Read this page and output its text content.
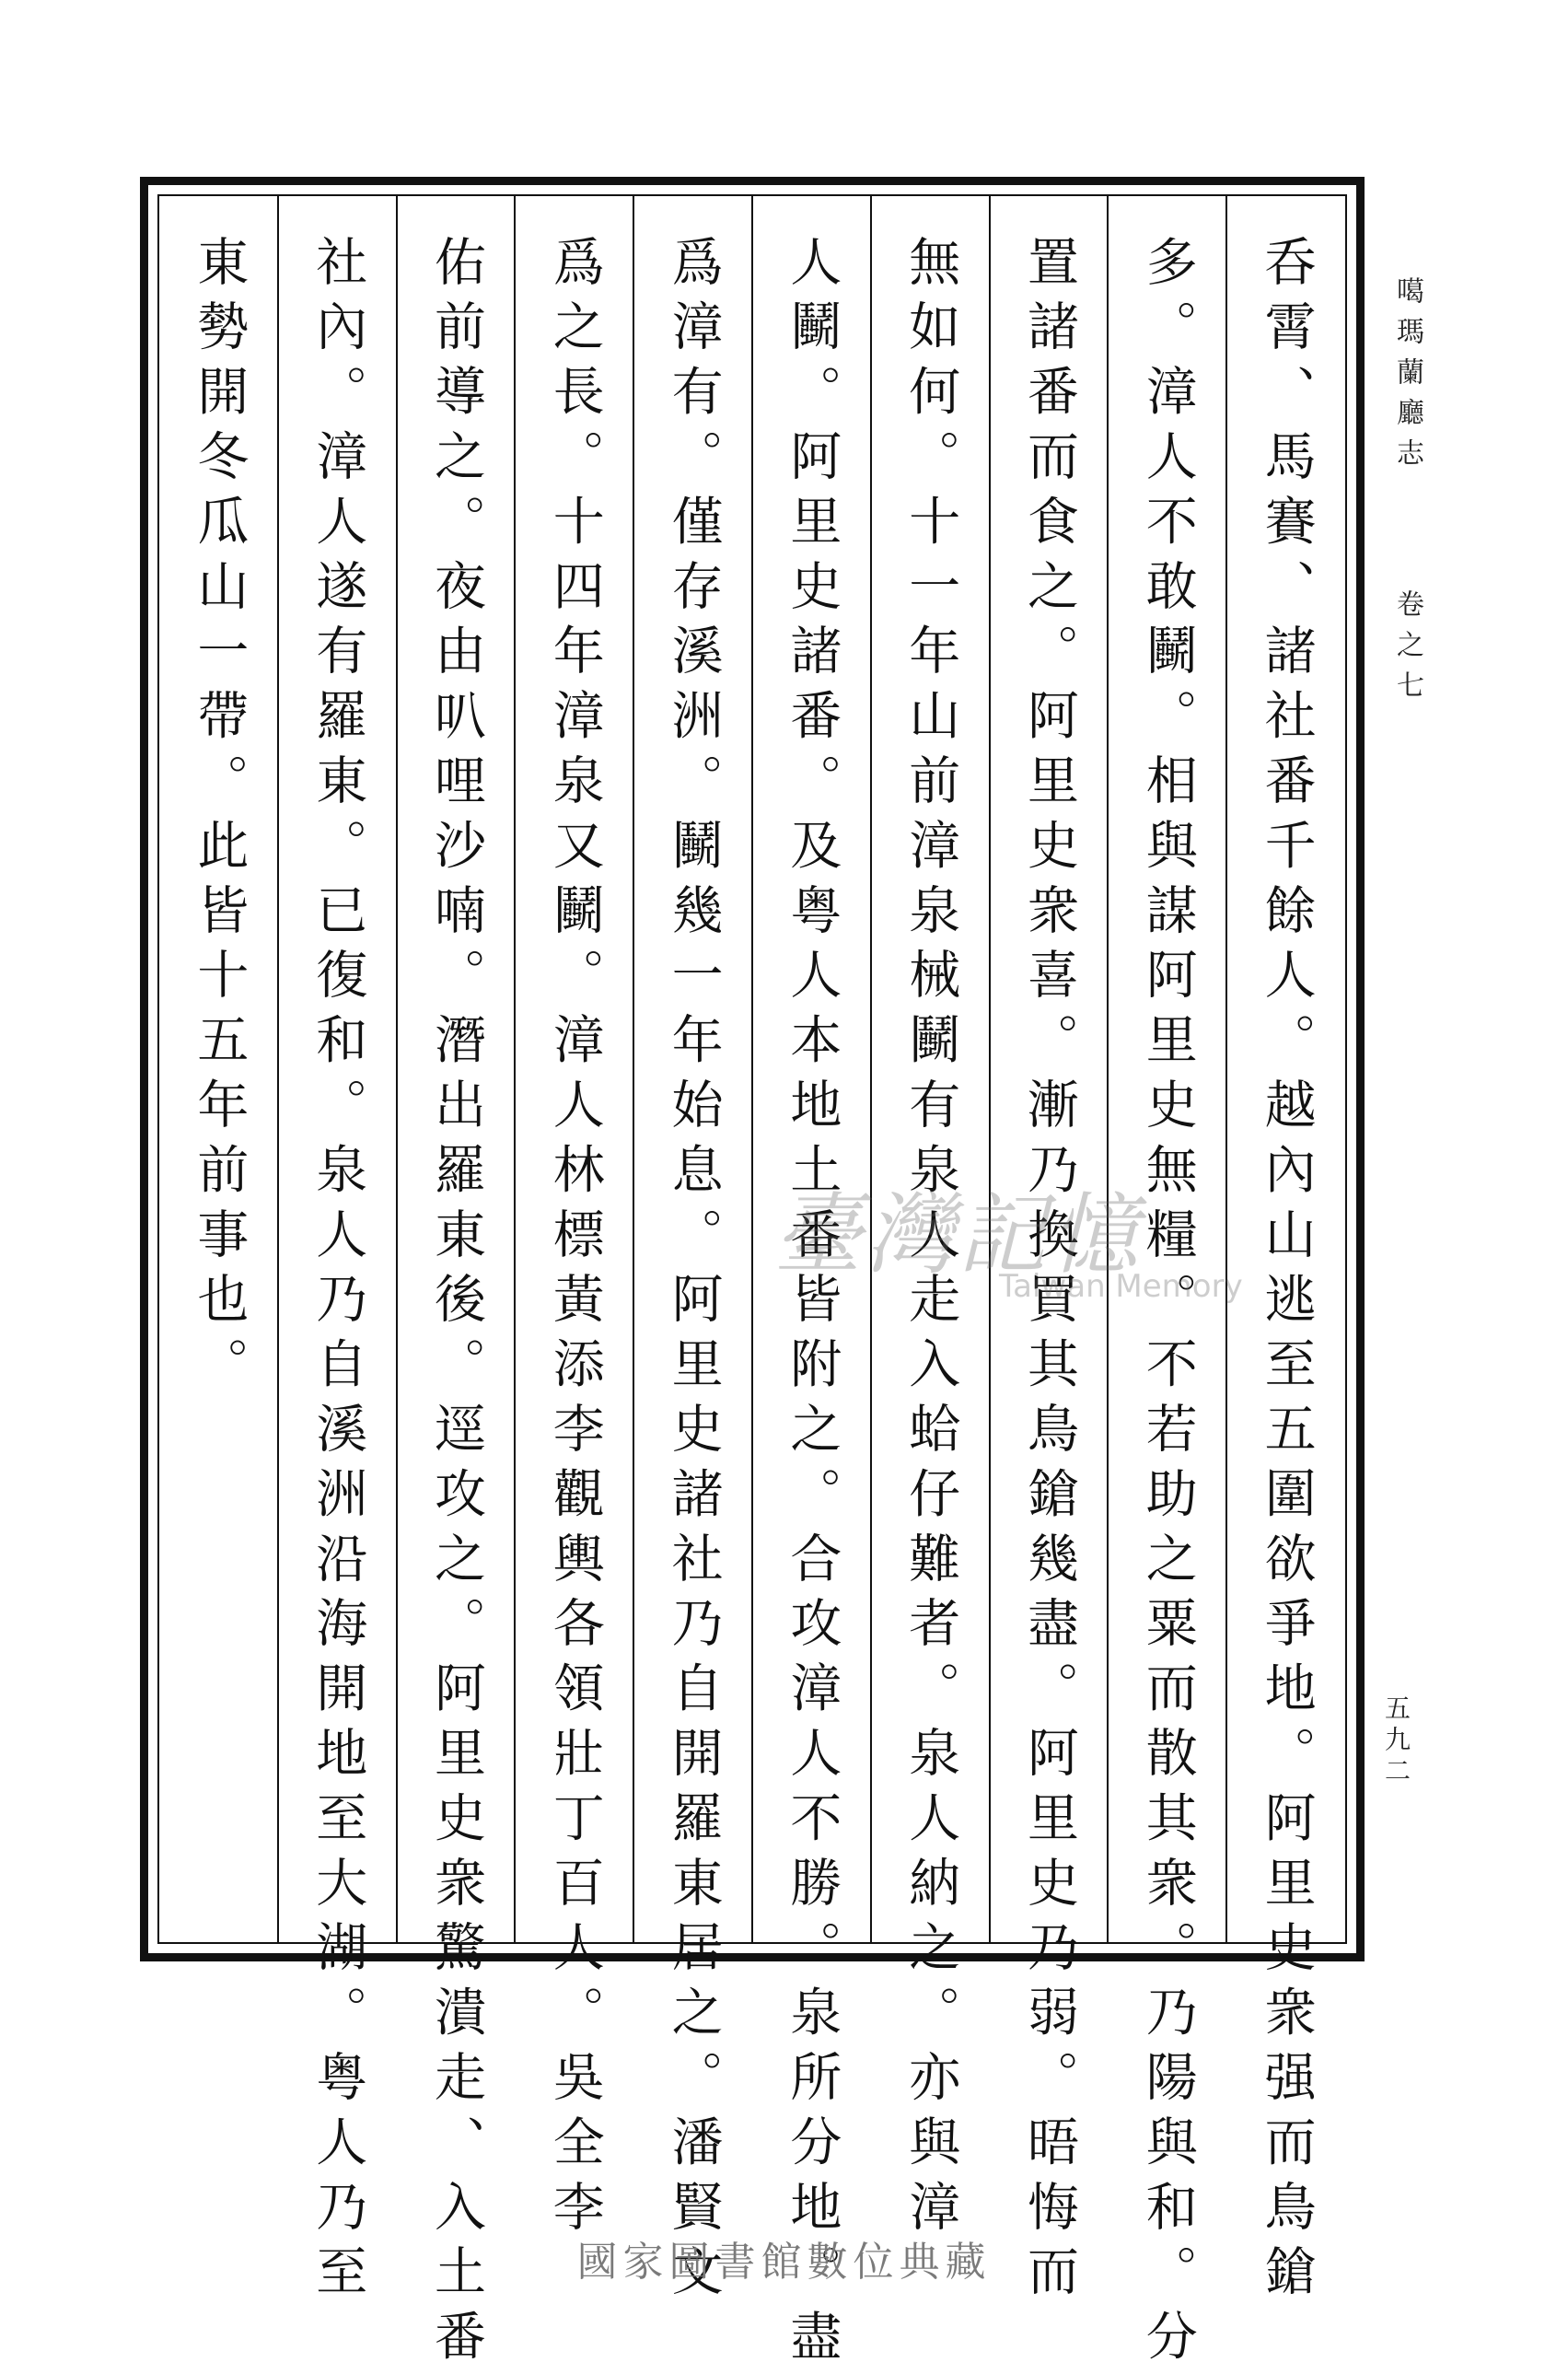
呑霄、馬賽、諸社番千餘人。越內山逃至五圍欲爭地。阿里史衆强而鳥鎗
多。漳人不敢鬭。相與謀阿里史無糧。不若助之粟而散其衆。乃陽與和。分
置諸番而食之。阿里史衆喜。漸乃換買其鳥鎗幾盡。阿里史乃弱。晤悔而
無如何。十一年山前漳泉械鬭有泉人走入蛤仔難者。泉人納之。亦與漳
人鬭。阿里史諸番。及粤人本地土番皆附之。合攻漳人不勝。泉所分地。盡
爲漳有。僅存溪洲。鬭幾一年始息。阿里史諸社乃自開羅東居之。潘賢文
爲之長。十四年漳泉又鬭。漳人林標黃添李觀輿各領壯丁百人。吳全李
佑前導之。夜由叭哩沙喃。潛出羅東後。逕攻之。阿里史衆驚潰走、入土番
社內。漳人遂有羅東。已復和。泉人乃自溪洲沿海開地至大湖。粤人乃至
東勢開冬瓜山一帶。此皆十五年前事也。	噶瑪蘭廳志卷之七
五九二
臺灣記憶
Taiwan Memory
國家圖書館數位典藏
